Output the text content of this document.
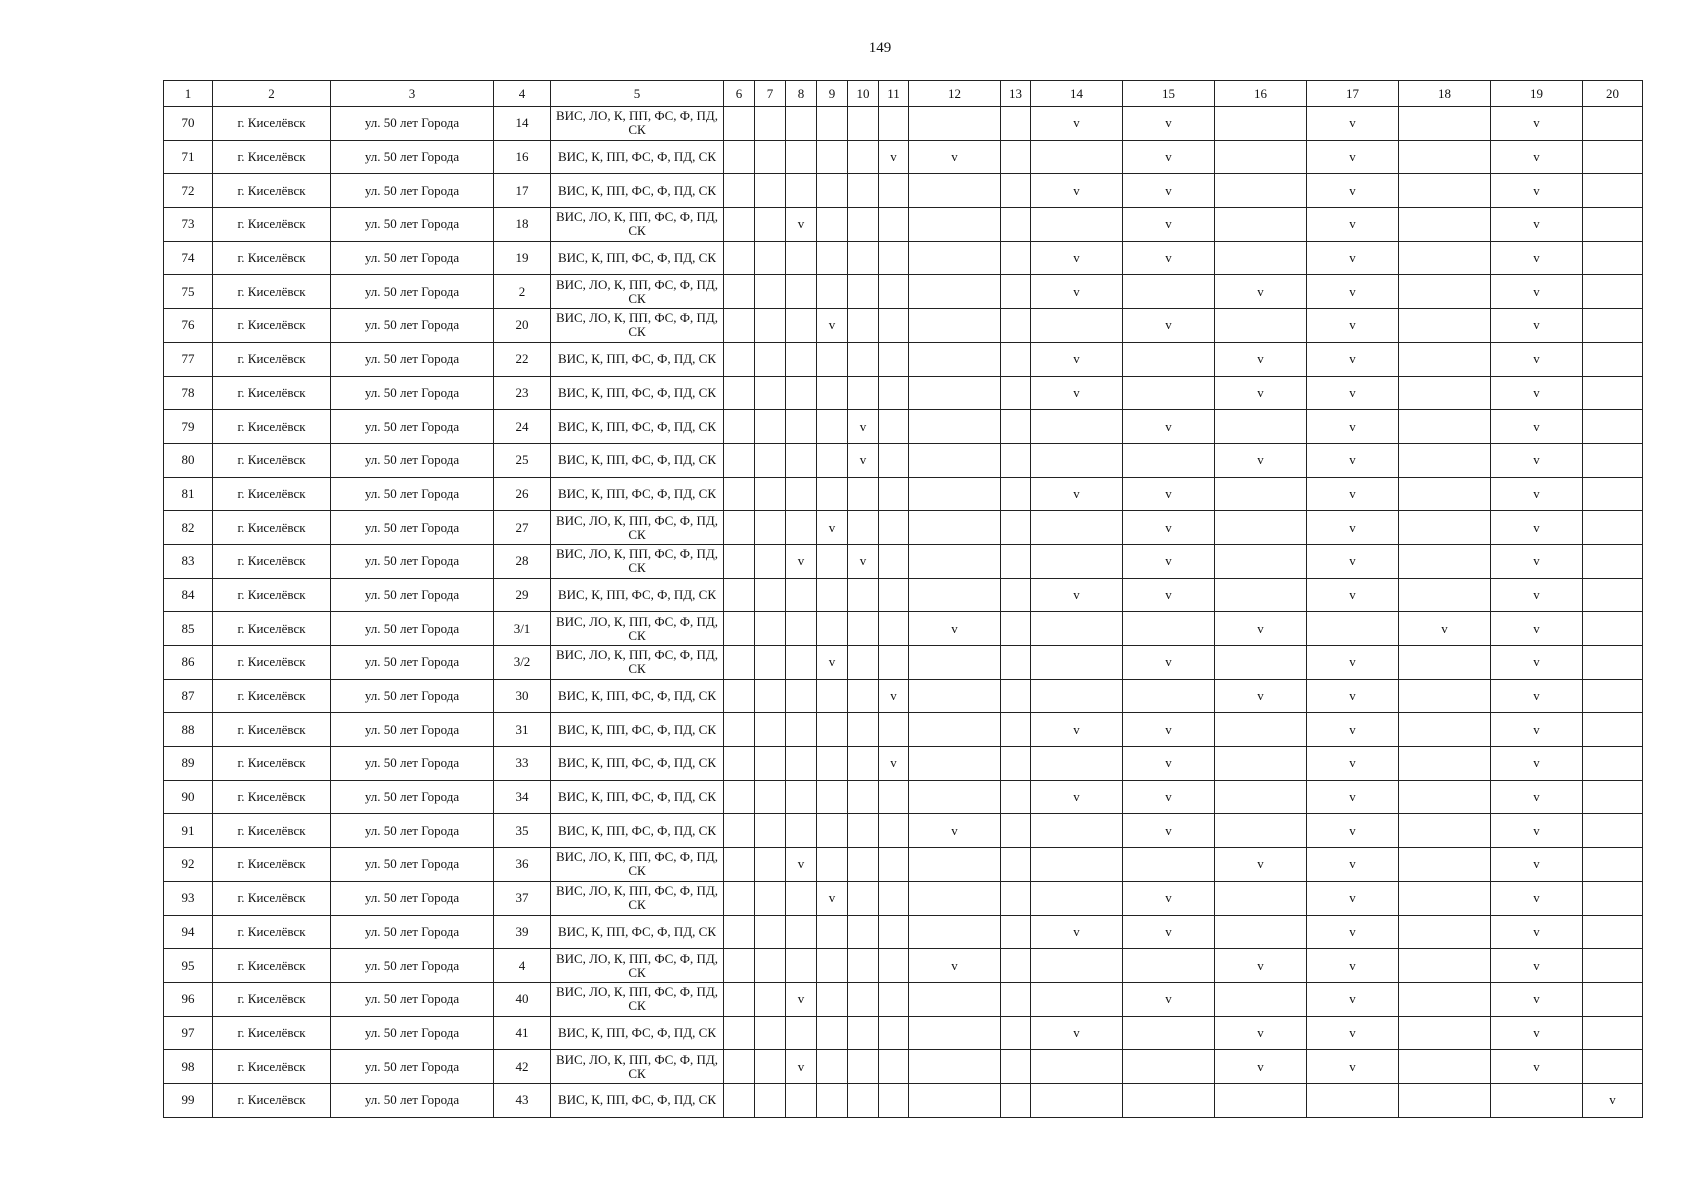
149
1	2	3	4	5	6	7	8	9	10	11	12	13	14	15	16	17	18	19	20
70	г. Киселёвск	ул. 50 лет Города	14	ВИС, ЛО, К, ПП, ФС, Ф, ПД, СК									v	v		v		v	
71	г. Киселёвск	ул. 50 лет Города	16	ВИС, К, ПП, ФС, Ф, ПД, СК						v	v			v		v		v	
72	г. Киселёвск	ул. 50 лет Города	17	ВИС, К, ПП, ФС, Ф, ПД, СК									v	v		v		v	
73	г. Киселёвск	ул. 50 лет Города	18	ВИС, ЛО, К, ПП, ФС, Ф, ПД, СК			v							v		v		v	
74	г. Киселёвск	ул. 50 лет Города	19	ВИС, К, ПП, ФС, Ф, ПД, СК									v	v		v		v	
75	г. Киселёвск	ул. 50 лет Города	2	ВИС, ЛО, К, ПП, ФС, Ф, ПД, СК									v		v	v		v	
76	г. Киселёвск	ул. 50 лет Города	20	ВИС, ЛО, К, ПП, ФС, Ф, ПД, СК				v						v		v		v	
77	г. Киселёвск	ул. 50 лет Города	22	ВИС, К, ПП, ФС, Ф, ПД, СК									v		v	v		v	
78	г. Киселёвск	ул. 50 лет Города	23	ВИС, К, ПП, ФС, Ф, ПД, СК									v		v	v		v	
79	г. Киселёвск	ул. 50 лет Города	24	ВИС, К, ПП, ФС, Ф, ПД, СК					v					v		v		v	
80	г. Киселёвск	ул. 50 лет Города	25	ВИС, К, ПП, ФС, Ф, ПД, СК					v						v	v		v	
81	г. Киселёвск	ул. 50 лет Города	26	ВИС, К, ПП, ФС, Ф, ПД, СК									v	v		v		v	
82	г. Киселёвск	ул. 50 лет Города	27	ВИС, ЛО, К, ПП, ФС, Ф, ПД, СК				v						v		v		v	
83	г. Киселёвск	ул. 50 лет Города	28	ВИС, ЛО, К, ПП, ФС, Ф, ПД, СК			v		v					v		v		v	
84	г. Киселёвск	ул. 50 лет Города	29	ВИС, К, ПП, ФС, Ф, ПД, СК									v	v		v		v	
85	г. Киселёвск	ул. 50 лет Города	3/1	ВИС, ЛО, К, ПП, ФС, Ф, ПД, СК							v				v		v	v	
86	г. Киселёвск	ул. 50 лет Города	3/2	ВИС, ЛО, К, ПП, ФС, Ф, ПД, СК				v						v		v		v	
87	г. Киселёвск	ул. 50 лет Города	30	ВИС, К, ПП, ФС, Ф, ПД, СК						v					v	v		v	
88	г. Киселёвск	ул. 50 лет Города	31	ВИС, К, ПП, ФС, Ф, ПД, СК									v	v		v		v	
89	г. Киселёвск	ул. 50 лет Города	33	ВИС, К, ПП, ФС, Ф, ПД, СК						v				v		v		v	
90	г. Киселёвск	ул. 50 лет Города	34	ВИС, К, ПП, ФС, Ф, ПД, СК									v	v		v		v	
91	г. Киселёвск	ул. 50 лет Города	35	ВИС, К, ПП, ФС, Ф, ПД, СК							v			v		v		v	
92	г. Киселёвск	ул. 50 лет Города	36	ВИС, ЛО, К, ПП, ФС, Ф, ПД, СК			v								v	v		v	
93	г. Киселёвск	ул. 50 лет Города	37	ВИС, ЛО, К, ПП, ФС, Ф, ПД, СК				v						v		v		v	
94	г. Киселёвск	ул. 50 лет Города	39	ВИС, К, ПП, ФС, Ф, ПД, СК									v	v		v		v	
95	г. Киселёвск	ул. 50 лет Города	4	ВИС, ЛО, К, ПП, ФС, Ф, ПД, СК							v				v	v		v	
96	г. Киселёвск	ул. 50 лет Города	40	ВИС, ЛО, К, ПП, ФС, Ф, ПД, СК			v							v		v		v	
97	г. Киселёвск	ул. 50 лет Города	41	ВИС, К, ПП, ФС, Ф, ПД, СК									v		v	v		v	
98	г. Киселёвск	ул. 50 лет Города	42	ВИС, ЛО, К, ПП, ФС, Ф, ПД, СК			v								v	v		v	
99	г. Киселёвск	ул. 50 лет Города	43	ВИС, К, ПП, ФС, Ф, ПД, СК															v
